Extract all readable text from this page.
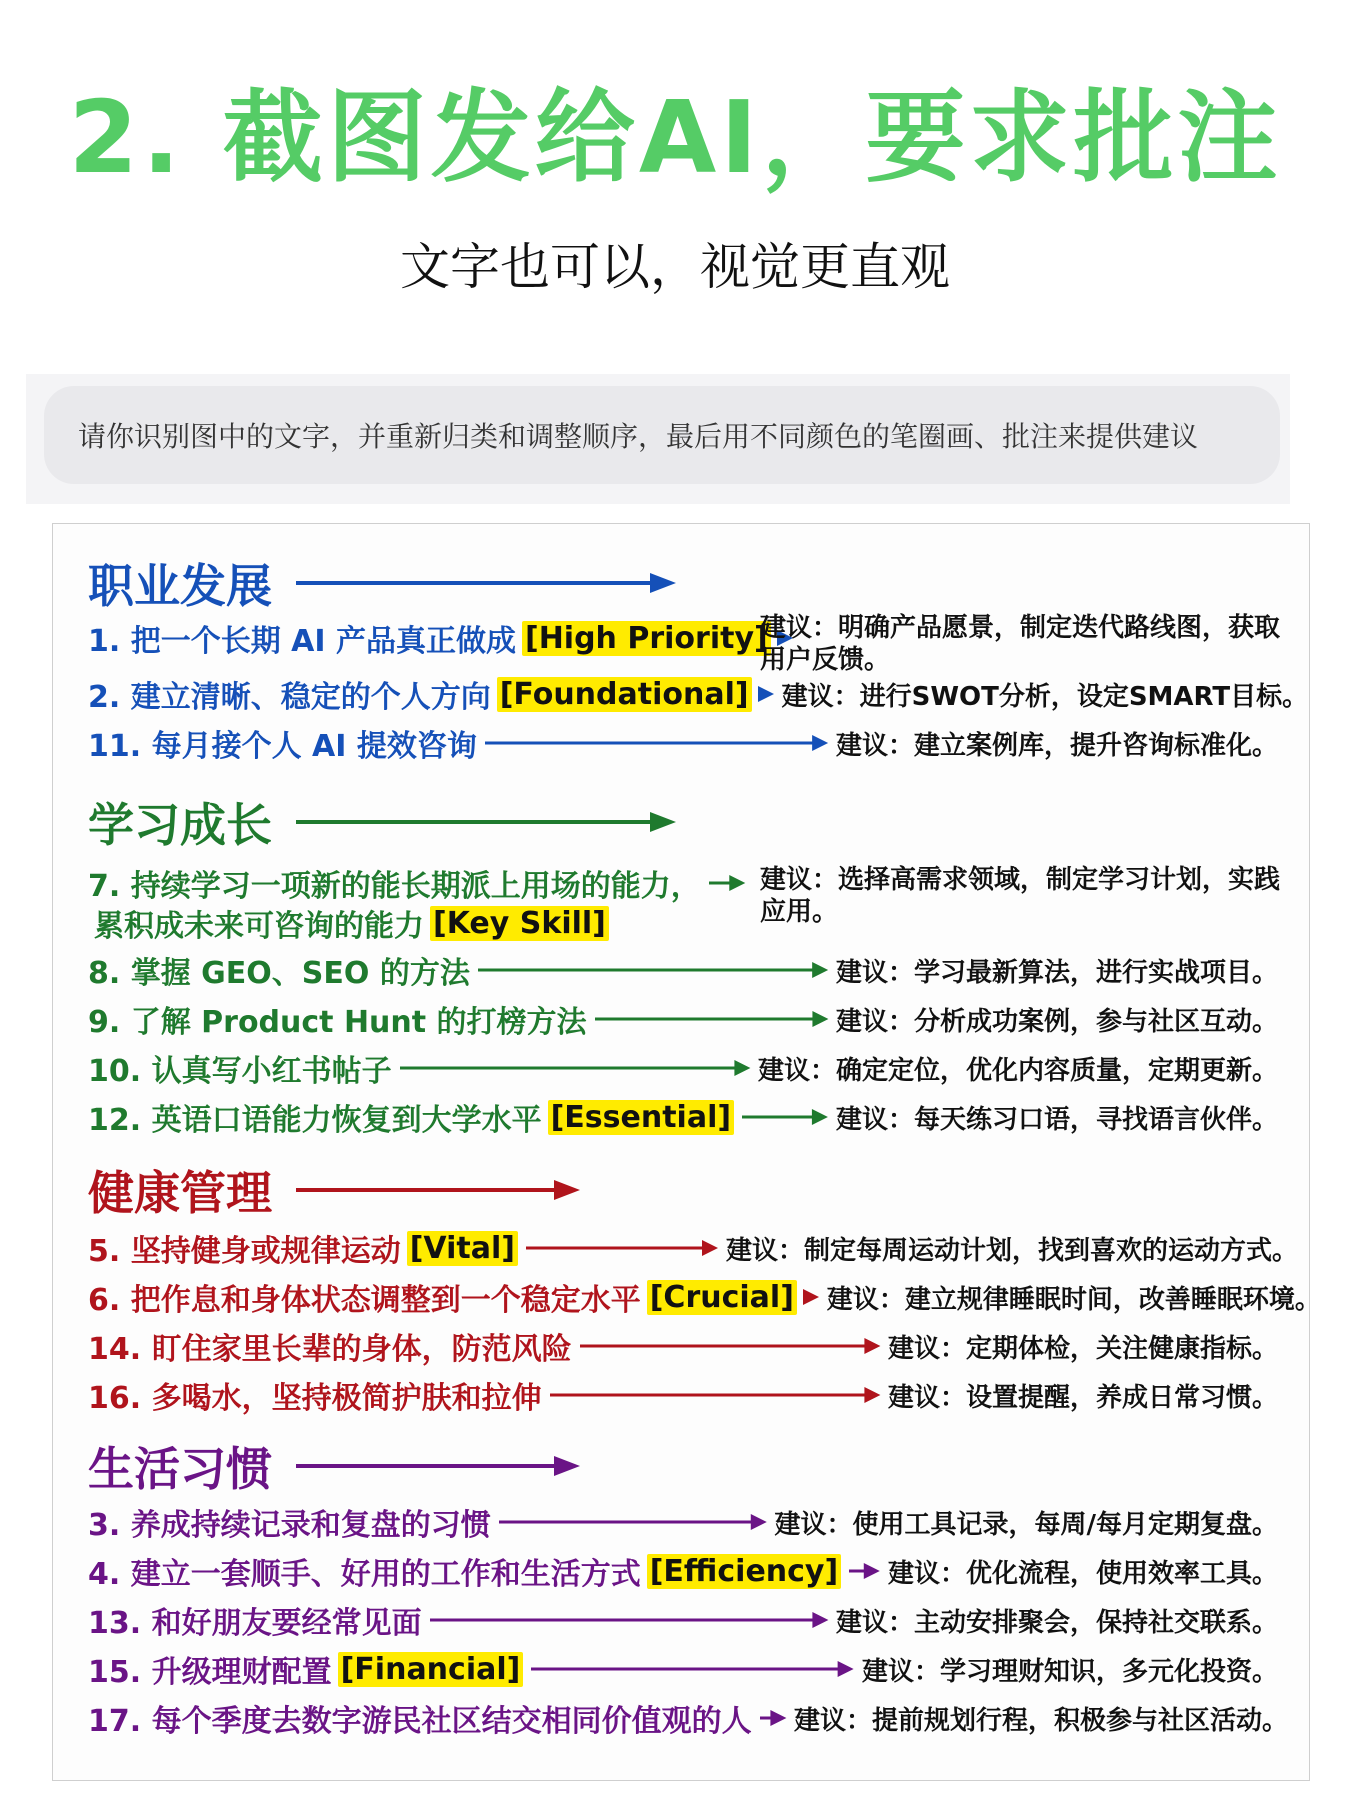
2. 截图发给AI，要求批注
文字也可以，视觉更直观
请你识别图中的文字，并重新归类和调整顺序，最后用不同颜色的笔圈画、批注来提供建议
职业发展
1. 把一个长期 AI 产品真正做成 [High Priority]
建议：明确产品愿景，制定迭代路线图，获取用户反馈。
2. 建立清晰、稳定的个人方向 [Foundational] 建议：进行SWOT分析，设定SMART目标。
11. 每月接个人 AI 提效咨询	建议：建立案例库，提升咨询标准化。
学习成长
7. 持续学习一项新的能长期派上用场的能力， 建议：选择高需求领域，制定学习计划，实践应用。
累积成未来可咨询的能力 [Key Skill]
8. 掌握 GEO、SEO 的方法	建议：学习最新算法，进行实战项目。
9. 了解 Product Hunt 的打榜方法	建议：分析成功案例，参与社区互动。
10. 认真写小红书帖子	建议：确定定位，优化内容质量，定期更新。
12. 英语口语能力恢复到大学水平 [Essential]	建议：每天练习口语，寻找语言伙伴。
健康管理
5. 坚持健身或规律运动 [Vital]	建议：制定每周运动计划，找到喜欢的运动方式。
6. 把作息和身体状态调整到一个稳定水平 [Crucial] 建议：建立规律睡眠时间，改善睡眠环境。
14. 盯住家里长辈的身体，防范风险	建议：定期体检，关注健康指标。
16. 多喝水，坚持极简护肤和拉伸	建议：设置提醒，养成日常习惯。
生活习惯
3. 养成持续记录和复盘的习惯	建议：使用工具记录，每周/每月定期复盘。
4. 建立一套顺手、好用的工作和生活方式 [Efficiency] 建议：优化流程，使用效率工具。
13. 和好朋友要经常见面	建议：主动安排聚会，保持社交联系。
15. 升级理财配置 [Financial]	建议：学习理财知识，多元化投资。
17. 每个季度去数字游民社区结交相同价值观的人 建议：提前规划行程，积极参与社区活动。
